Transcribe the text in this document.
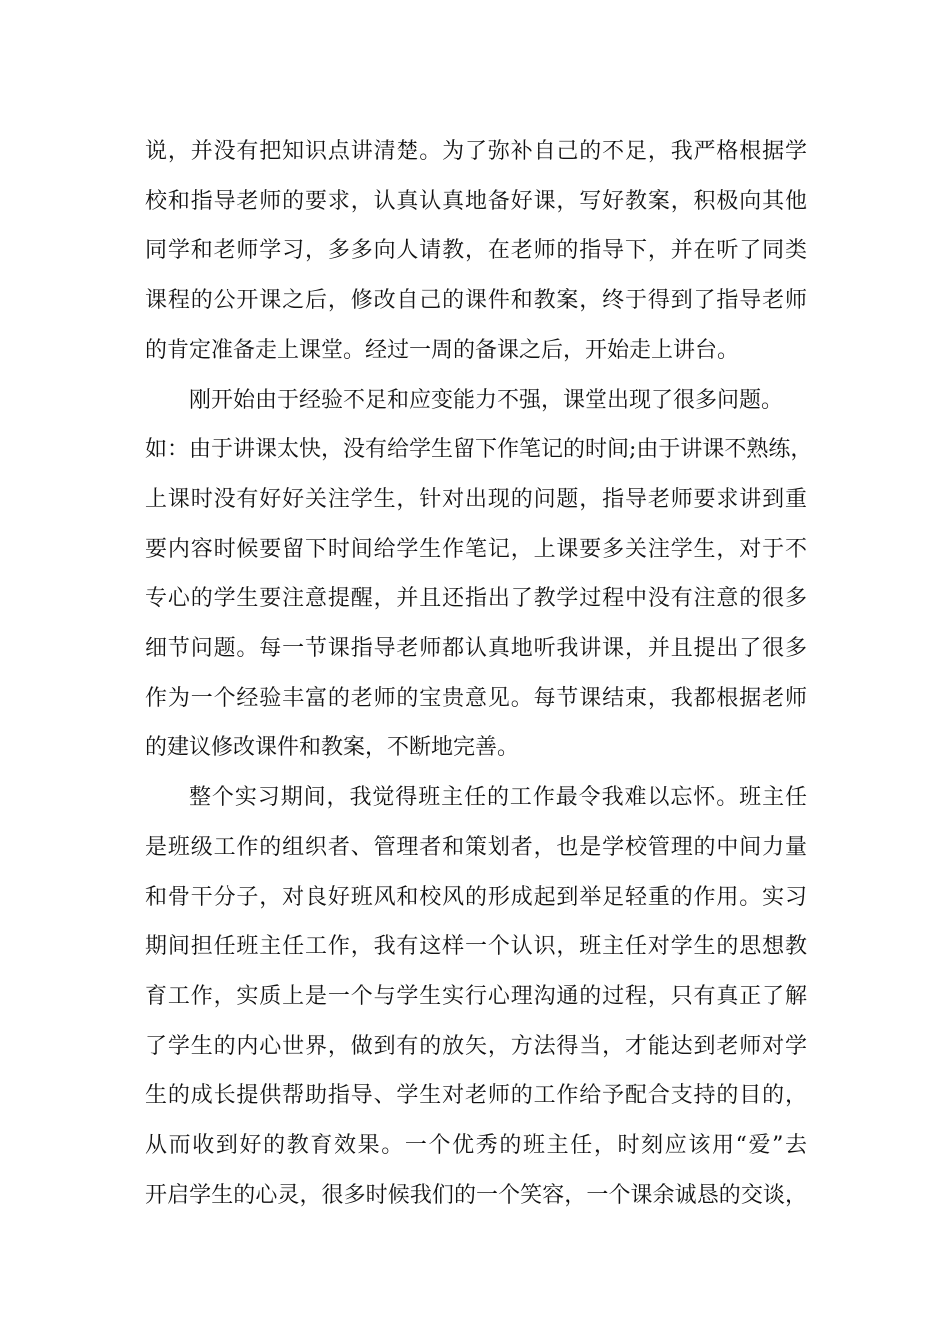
说，并没有把知识点讲清楚。为了弥补自己的不足，我严格根据学
校和指导老师的要求，认真认真地备好课，写好教案，积极向其他
同学和老师学习，多多向人请教，在老师的指导下，并在听了同类
课程的公开课之后，修改自己的课件和教案，终于得到了指导老师
的肯定准备走上课堂。经过一周的备课之后，开始走上讲台。
刚开始由于经验不足和应变能力不强，课堂出现了很多问题。
如：由于讲课太快，没有给学生留下作笔记的时间;由于讲课不熟练，
上课时没有好好关注学生，针对出现的问题，指导老师要求讲到重
要内容时候要留下时间给学生作笔记，上课要多关注学生，对于不
专心的学生要注意提醒，并且还指出了教学过程中没有注意的很多
细节问题。每一节课指导老师都认真地听我讲课，并且提出了很多
作为一个经验丰富的老师的宝贵意见。每节课结束，我都根据老师
的建议修改课件和教案，不断地完善。
整个实习期间，我觉得班主任的工作最令我难以忘怀。班主任
是班级工作的组织者、管理者和策划者，也是学校管理的中间力量
和骨干分子，对良好班风和校风的形成起到举足轻重的作用。实习
期间担任班主任工作，我有这样一个认识，班主任对学生的思想教
育工作，实质上是一个与学生实行心理沟通的过程，只有真正了解
了学生的内心世界，做到有的放矢，方法得当，才能达到老师对学
生的成长提供帮助指导、学生对老师的工作给予配合支持的目的，
从而收到好的教育效果。一个优秀的班主任，时刻应该用“爱”去
开启学生的心灵，很多时候我们的一个笑容，一个课余诚恳的交谈，
